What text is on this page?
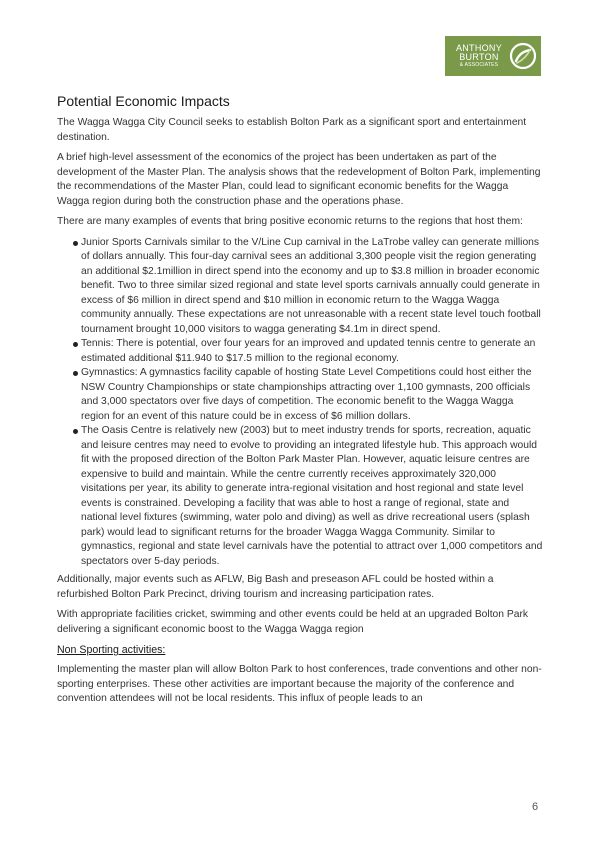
ANTHONY
BURTON
& ASSOCIATES
Potential Economic Impacts

The Wagga Wagga City Council seeks to establish Bolton Park as a significant sport and entertainment destination.

A brief high-level assessment of the economics of the project has been undertaken as part of the development of the Master Plan. The analysis shows that the redevelopment of Bolton Park, implementing the recommendations of the Master Plan, could lead to significant economic benefits for the Wagga Wagga region during both the construction phase and the operations phase.

There are many examples of events that bring positive economic returns to the regions that host them:

Junior Sports Carnivals similar to the V/Line Cup carnival in the LaTrobe valley can generate millions of dollars annually. This four-day carnival sees an additional 3,300 people visit the region generating an additional $2.1million in direct spend into the economy and up to $3.8 million in broader economic benefit. Two to three similar sized regional and state level sports carnivals annually could generate in excess of $6 million in direct spend and $10 million in economic return to the Wagga Wagga community annually. These expectations are not unreasonable with a recent state level touch football tournament brought 10,000 visitors to wagga generating $4.1m in direct spend.
Tennis: There is potential, over four years for an improved and updated tennis centre to generate an estimated additional $11.940 to $17.5 million to the regional economy.
Gymnastics: A gymnastics facility capable of hosting State Level Competitions could host either the NSW Country Championships or state championships attracting over 1,100 gymnasts, 200 officials and 3,000 spectators over five days of competition. The economic benefit to the Wagga Wagga region for an event of this nature could be in excess of $6 million dollars.
The Oasis Centre is relatively new (2003) but to meet industry trends for sports, recreation, aquatic and leisure centres may need to evolve to providing an integrated lifestyle hub. This approach would fit with the proposed direction of the Bolton Park Master Plan. However, aquatic leisure centres are expensive to build and maintain. While the centre currently receives approximately 320,000 visitations per year, its ability to generate intra-regional visitation and host regional and state level events is constrained. Developing a facility that was able to host a range of regional, state and national level fixtures (swimming, water polo and diving) as well as drive recreational users (splash park) would lead to significant returns for the broader Wagga Wagga Community. Similar to gymnastics, regional and state level carnivals have the potential to attract over 1,000 competitors and spectators over 5-day periods.

Additionally, major events such as AFLW, Big Bash and preseason AFL could be hosted within a refurbished Bolton Park Precinct, driving tourism and increasing participation rates.

With appropriate facilities cricket, swimming and other events could be held at an upgraded Bolton Park delivering a significant economic boost to the Wagga Wagga region

Non Sporting activities:

Implementing the master plan will allow Bolton Park to host conferences, trade conventions and other non-sporting enterprises. These other activities are important because the majority of the conference and convention attendees will not be local residents. This influx of people leads to an

6
